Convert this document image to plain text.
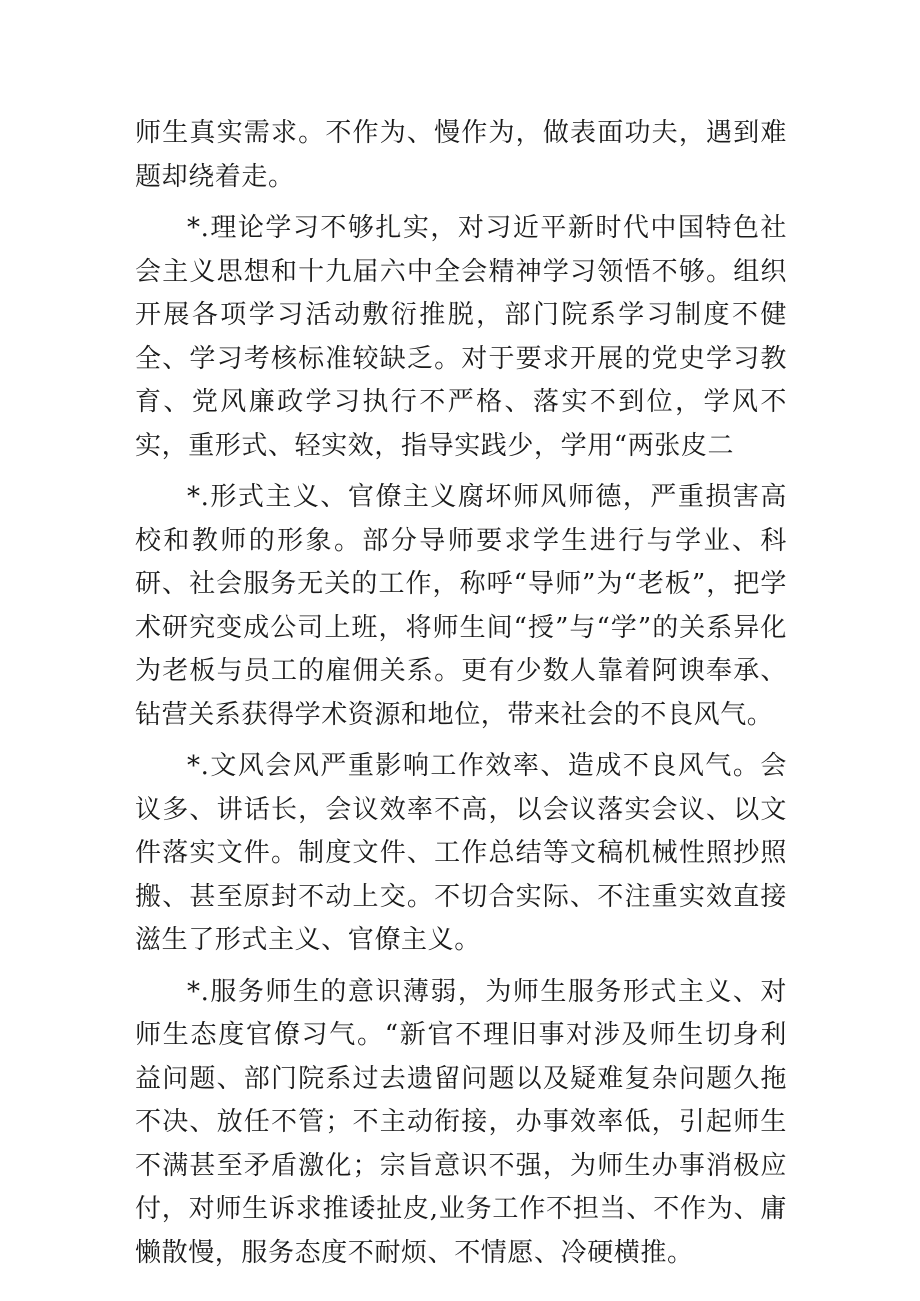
师生真实需求。不作为、慢作为，做表面功夫，遇到难题却绕着走。

*.理论学习不够扎实，对习近平新时代中国特色社会主义思想和十九届六中全会精神学习领悟不够。组织开展各项学习活动敷衍推脱，部门院系学习制度不健全、学习考核标准较缺乏。对于要求开展的党史学习教育、党风廉政学习执行不严格、落实不到位，学风不实，重形式、轻实效，指导实践少，学用“两张皮二

*.形式主义、官僚主义腐坏师风师德，严重损害高校和教师的形象。部分导师要求学生进行与学业、科研、社会服务无关的工作，称呼“导师”为“老板”，把学术研究变成公司上班，将师生间“授”与“学”的关系异化为老板与员工的雇佣关系。更有少数人靠着阿谀奉承、钻营关系获得学术资源和地位，带来社会的不良风气。

*.文风会风严重影响工作效率、造成不良风气。会议多、讲话长，会议效率不高，以会议落实会议、以文件落实文件。制度文件、工作总结等文稿机械性照抄照搬、甚至原封不动上交。不切合实际、不注重实效直接滋生了形式主义、官僚主义。

*.服务师生的意识薄弱，为师生服务形式主义、对师生态度官僚习气。“新官不理旧事对涉及师生切身利益问题、部门院系过去遗留问题以及疑难复杂问题久拖不决、放任不管；不主动衔接，办事效率低，引起师生不满甚至矛盾激化；宗旨意识不强，为师生办事消极应付，对师生诉求推诿扯皮,业务工作不担当、不作为、庸懒散慢，服务态度不耐烦、不情愿、冷硬横推。
